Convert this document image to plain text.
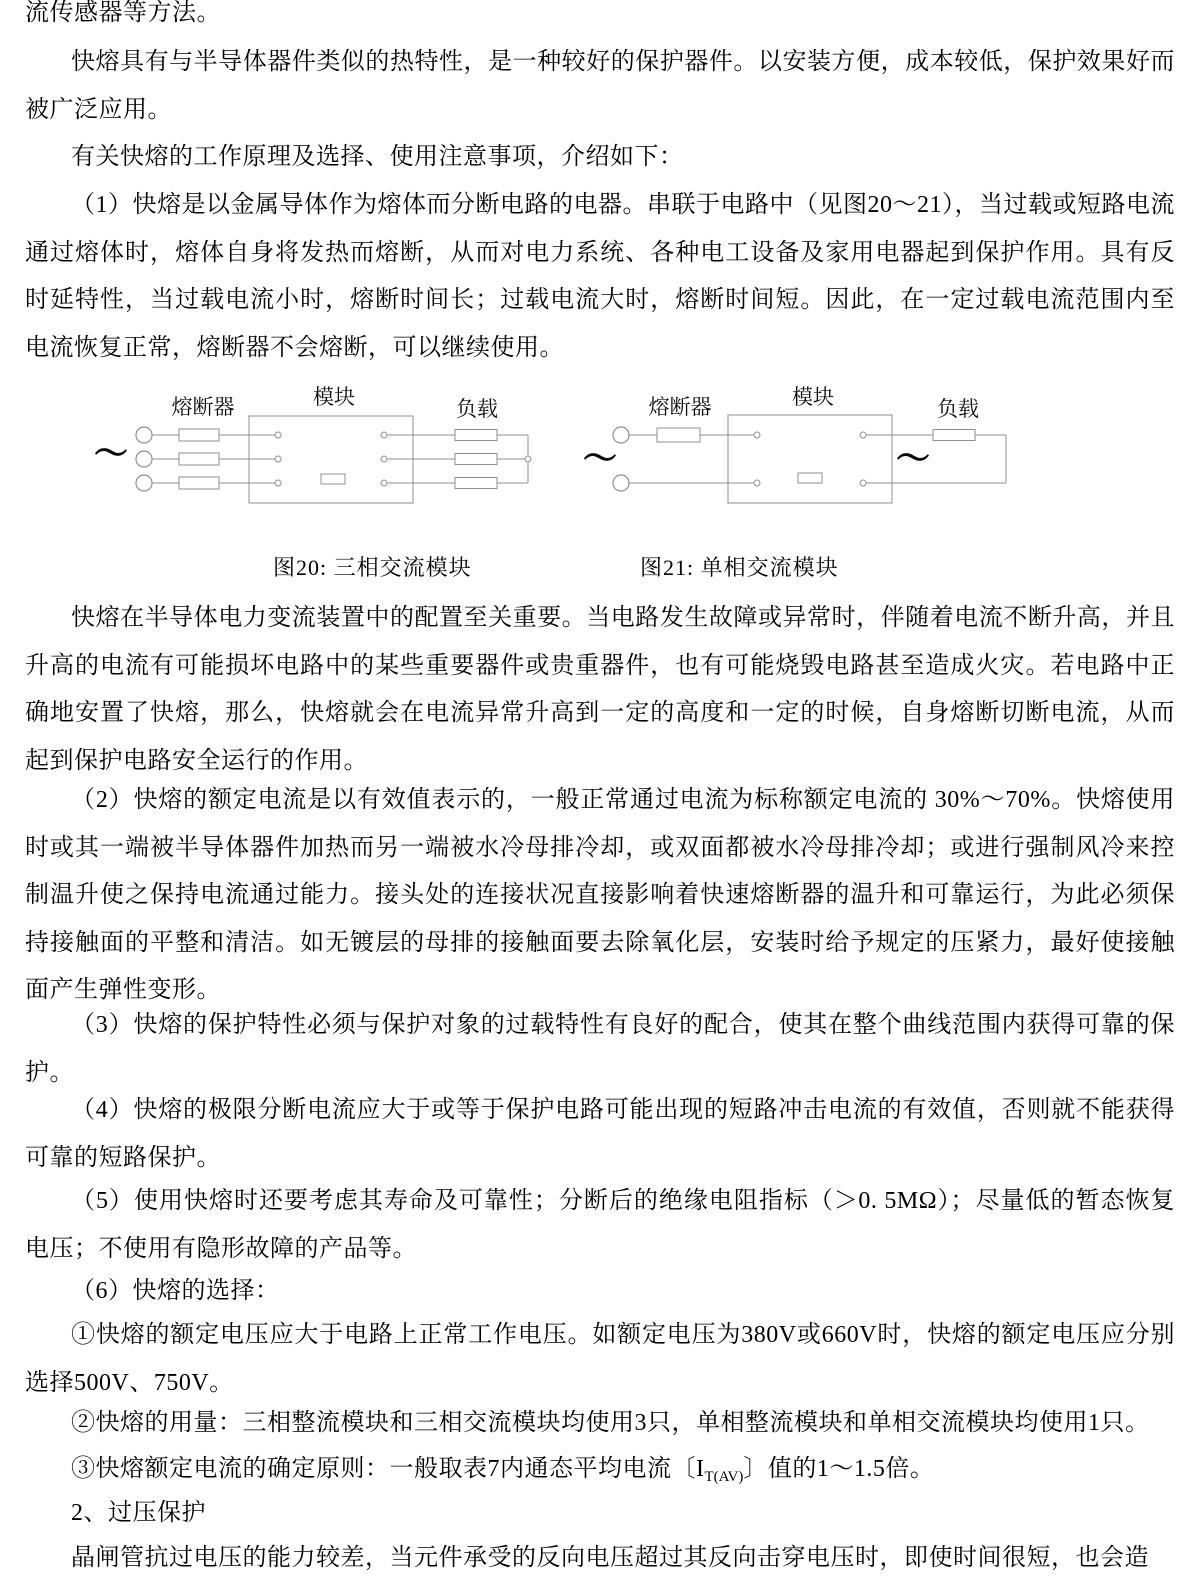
流传感器等方法。

快熔具有与半导体器件类似的热特性，是一种较好的保护器件。以安装方便，成本较低，保护效果好而被广泛应用。

有关快熔的工作原理及选择、使用注意事项，介绍如下：

（1）快熔是以金属导体作为熔体而分断电路的电器。串联于电路中（见图20～21），当过载或短路电流通过熔体时，熔体自身将发热而熔断，从而对电力系统、各种电工设备及家用电器起到保护作用。具有反时延特性，当过载电流小时，熔断时间长；过载电流大时，熔断时间短。因此，在一定过载电流范围内至电流恢复正常，熔断器不会熔断，可以继续使用。

～
熔断器	模块	负载
～	～
熔断器	模块	负载
图20: 三相交流模块	图21: 单相交流模块

快熔在半导体电力变流装置中的配置至关重要。当电路发生故障或异常时，伴随着电流不断升高，并且升高的电流有可能损坏电路中的某些重要器件或贵重器件，也有可能烧毁电路甚至造成火灾。若电路中正确地安置了快熔，那么，快熔就会在电流异常升高到一定的高度和一定的时候，自身熔断切断电流，从而起到保护电路安全运行的作用。

（2）快熔的额定电流是以有效值表示的，一般正常通过电流为标称额定电流的 30%～70%。快熔使用时或其一端被半导体器件加热而另一端被水冷母排冷却，或双面都被水冷母排冷却；或进行强制风冷来控制温升使之保持电流通过能力。接头处的连接状况直接影响着快速熔断器的温升和可靠运行，为此必须保持接触面的平整和清洁。如无镀层的母排的接触面要去除氧化层，安装时给予规定的压紧力，最好使接触面产生弹性变形。

（3）快熔的保护特性必须与保护对象的过载特性有良好的配合，使其在整个曲线范围内获得可靠的保护。

（4）快熔的极限分断电流应大于或等于保护电路可能出现的短路冲击电流的有效值，否则就不能获得可靠的短路保护。

（5）使用快熔时还要考虑其寿命及可靠性；分断后的绝缘电阻指标（＞0. 5MΩ）；尽量低的暂态恢复电压；不使用有隐形故障的产品等。

（6）快熔的选择：

①快熔的额定电压应大于电路上正常工作电压。如额定电压为380V或660V时，快熔的额定电压应分别选择500V、750V。

②快熔的用量：三相整流模块和三相交流模块均使用3只，单相整流模块和单相交流模块均使用1只。

③快熔额定电流的确定原则：一般取表7内通态平均电流〔$I_{T(AV)}$〕值的1～1.5倍。

2、过压保护

晶闸管抗过电压的能力较差，当元件承受的反向电压超过其反向击穿电压时，即使时间很短，也会造
